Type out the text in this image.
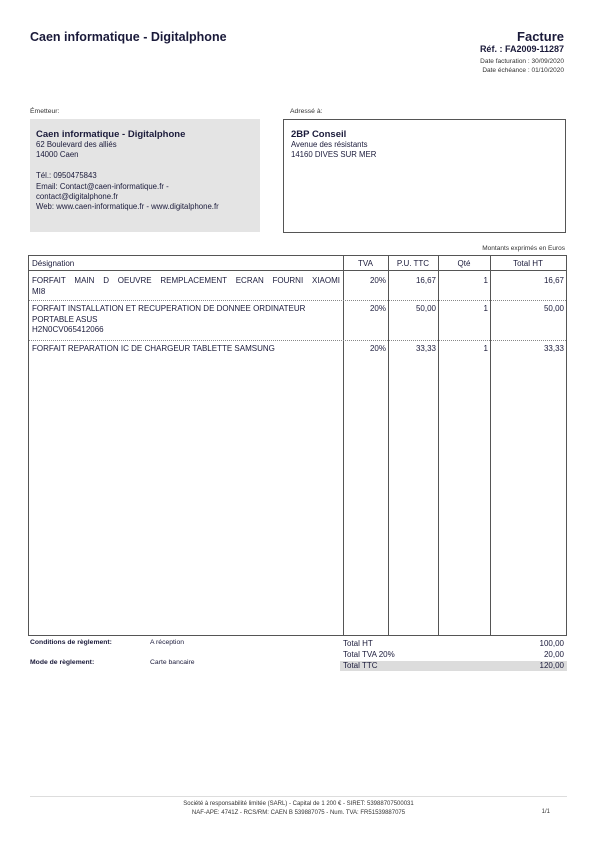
Caen informatique - Digitalphone	Facture
Réf. : FA2009-11287
Date facturation : 30/09/2020
Date échéance : 01/10/2020
Émetteur:	Adressé à:
Caen informatique - Digitalphone
62 Boulevard des alliés
14000 Caen
Tél.: 0950475843
Email: Contact@caen-informatique.fr -
contact@digitalphone.fr
Web: www.caen-informatique.fr - www.digitalphone.fr
2BP Conseil
Avenue des résistants
14160 DIVES SUR MER
Montants exprimés en Euros
Désignation	TVA	P.U. TTC	Qté	Total HT
FORFAIT MAIN D OEUVRE REMPLACEMENT ECRAN FOURNI XIAOMI
MI8
20%	16,67	1	16,67
FORFAIT INSTALLATION ET RECUPERATION DE DONNEE ORDINATEUR
PORTABLE ASUS
H2N0CV065412066
20%	50,00	1	50,00
FORFAIT REPARATION IC DE CHARGEUR TABLETTE SAMSUNG	20%	33,33	1	33,33
Conditions de règlement:	A réception
Mode de règlement:	Carte bancaire
Total HT	100,00
Total TVA 20%	20,00
Total TTC	120,00
Société à responsabilité limitée (SARL) - Capital de 1 200 € - SIRET: 53988707500031
NAF-APE: 4741Z - RCS/RM: CAEN B 539887075 - Num. TVA: FR51539887075	1/1
